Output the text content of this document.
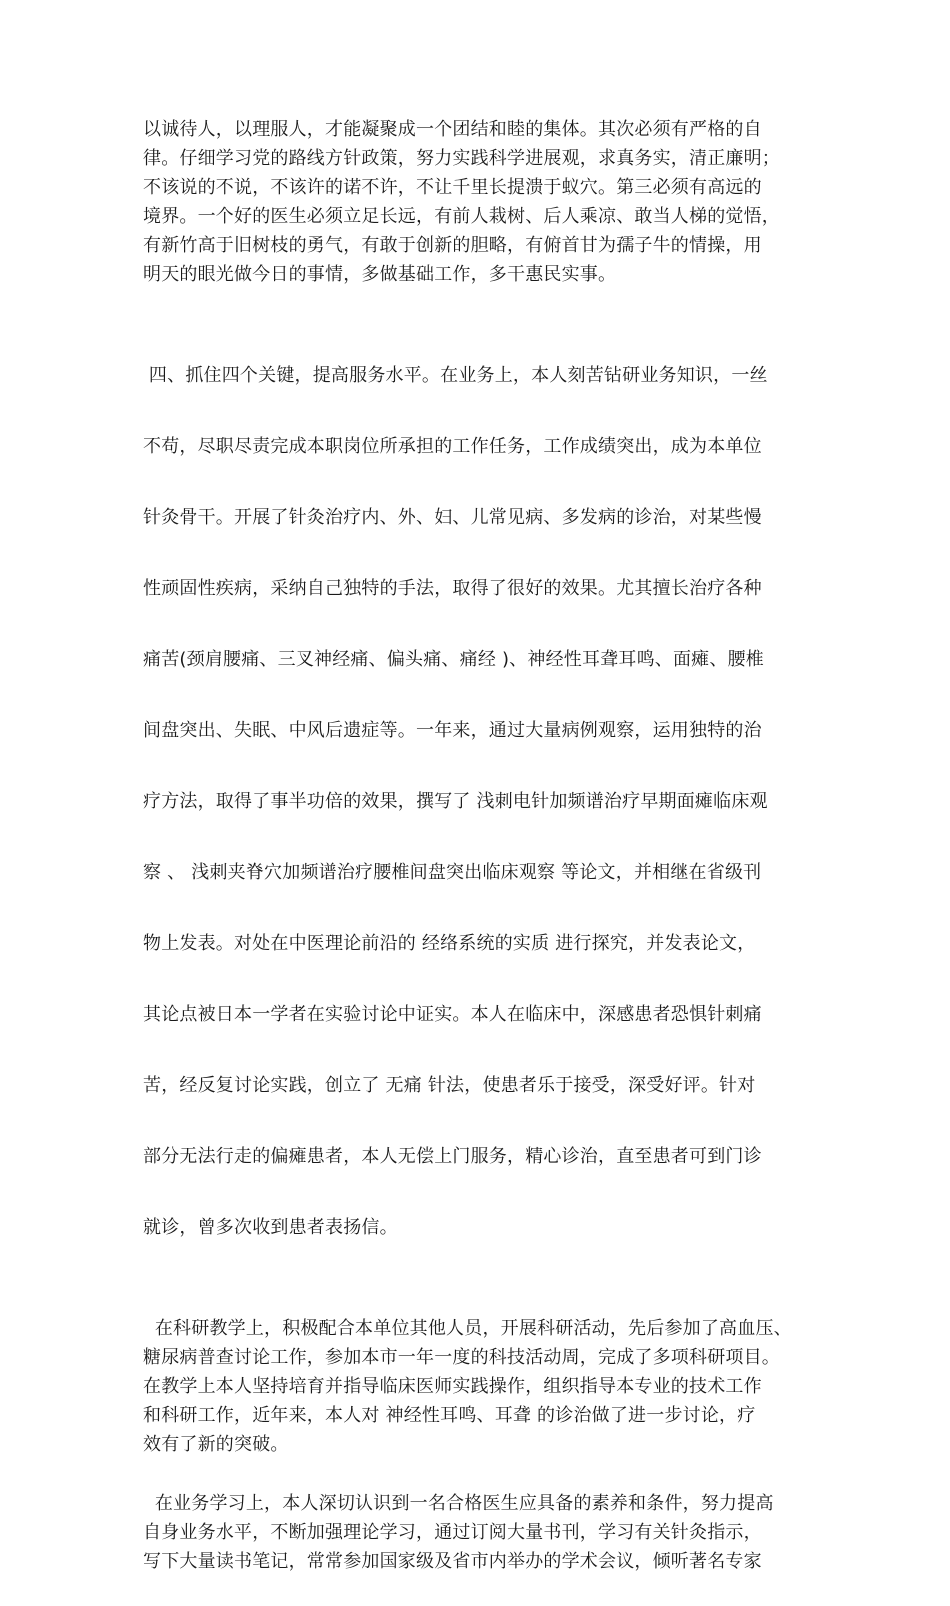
以诚待人，以理服人，才能凝聚成一个团结和睦的集体。其次必须有严格的自
律。仔细学习党的路线方针政策，努力实践科学进展观，求真务实，清正廉明；
不该说的不说，不该许的诺不许，不让千里长提溃于蚁穴。第三必须有高远的
境界。一个好的医生必须立足长远，有前人栽树、后人乘凉、敢当人梯的觉悟，
有新竹高于旧树枝的勇气，有敢于创新的胆略，有俯首甘为孺子牛的情操，用
明天的眼光做今日的事情，多做基础工作，多干惠民实事。

四、抓住四个关键，提高服务水平。在业务上，本人刻苦钻研业务知识，一丝

不苟，尽职尽责完成本职岗位所承担的工作任务，工作成绩突出，成为本单位

针灸骨干。开展了针灸治疗内、外、妇、儿常见病、多发病的诊治，对某些慢

性顽固性疾病，采纳自己独特的手法，取得了很好的效果。尤其擅长治疗各种

痛苦(颈肩腰痛、三叉神经痛、偏头痛、痛经 )、神经性耳聋耳鸣、面瘫、腰椎

间盘突出、失眠、中风后遗症等。一年来，通过大量病例观察，运用独特的治

疗方法，取得了事半功倍的效果，撰写了 浅刺电针加频谱治疗早期面瘫临床观

察 、 浅刺夹脊穴加频谱治疗腰椎间盘突出临床观察 等论文，并相继在省级刊

物上发表。对处在中医理论前沿的 经络系统的实质 进行探究，并发表论文，

其论点被日本一学者在实验讨论中证实。本人在临床中，深感患者恐惧针刺痛

苦，经反复讨论实践，创立了 无痛 针法，使患者乐于接受，深受好评。针对

部分无法行走的偏瘫患者，本人无偿上门服务，精心诊治，直至患者可到门诊

就诊，曾多次收到患者表扬信。

在科研教学上，积极配合本单位其他人员，开展科研活动，先后参加了高血压、
糖尿病普查讨论工作，参加本市一年一度的科技活动周，完成了多项科研项目。
在教学上本人坚持培育并指导临床医师实践操作，组织指导本专业的技术工作
和科研工作，近年来，本人对 神经性耳鸣、耳聋 的诊治做了进一步讨论，疗
效有了新的突破。
在业务学习上，本人深切认识到一名合格医生应具备的素养和条件，努力提高
自身业务水平，不断加强理论学习，通过订阅大量书刊，学习有关针灸指示，
写下大量读书笔记，常常参加国家级及省市内举办的学术会议，倾听著名专家
